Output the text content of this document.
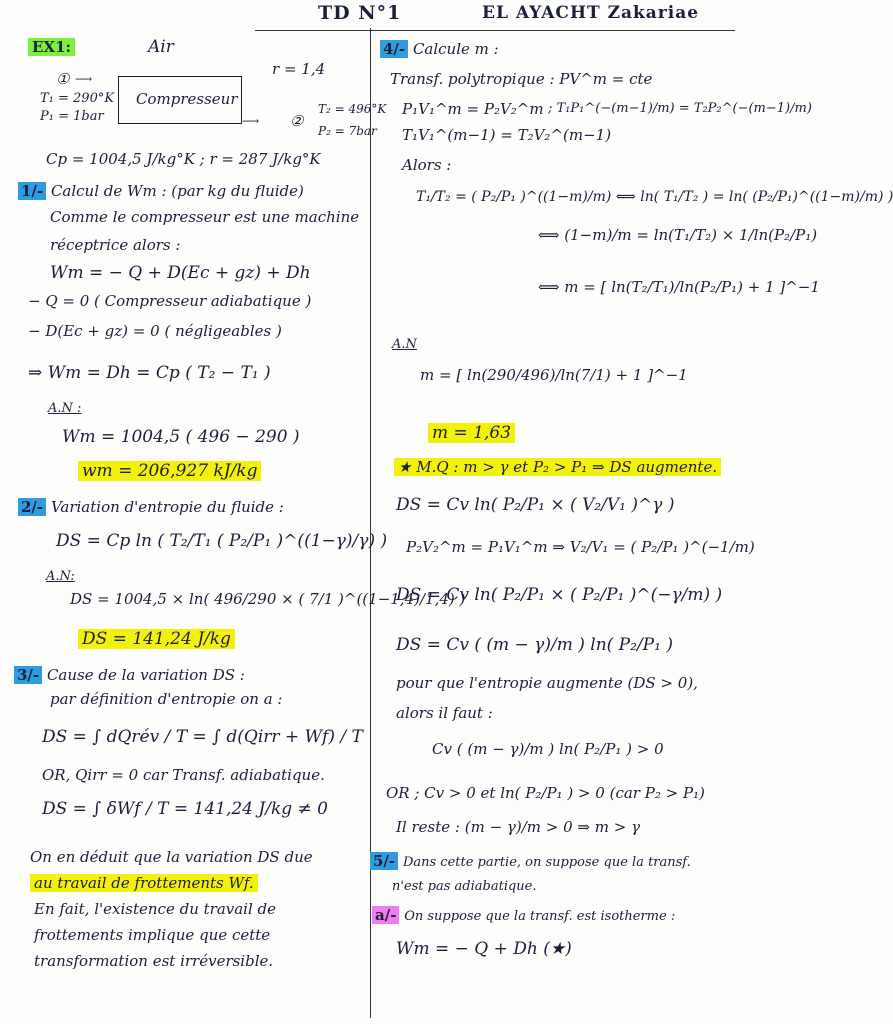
TD N°1	EL AYACHT Zakariae
EX1:	Air
r = 1,4
① ⟶
T₁ = 290°K
P₁ = 1bar
Compresseur
⟶ ②
T₂ = 496°K
P₂ = 7bar
Cp = 1004,5 J/kg°K ; r = 287 J/kg°K
1/- Calcul de Wm : (par kg du fluide)
Comme le compresseur est une machine
réceptrice alors :
Wm = − Q + D(Ec + gz) + Dh
− Q = 0 ( Compresseur adiabatique )
− D(Ec + gz) = 0 ( négligeables )
⇒ Wm = Dh = Cp ( T₂ − T₁ )
A.N :
Wm = 1004,5 ( 496 − 290 )
wm = 206,927 kJ/kg
2/- Variation d'entropie du fluide :
DS = Cp ln ( T₂/T₁ ( P₂/P₁ )^((1−γ)/γ) )
A.N:
DS = 1004,5 × ln( 496/290 × ( 7/1 )^((1−1,4)/1,4) )
DS = 141,24 J/kg
3/- Cause de la variation DS :
par définition d'entropie on a :
DS = ∫ dQrév / T = ∫ d(Qirr + Wf) / T
OR, Qirr = 0 car Transf. adiabatique.
DS = ∫ δWf / T = 141,24 J/kg ≠ 0
On en déduit que la variation DS due
au travail de frottements Wf.
En fait, l'existence du travail de
frottements implique que cette
transformation est irréversible.
4/- Calcule m :
Transf. polytropique : PV^m = cte
P₁V₁^m = P₂V₂^m ; T₁P₁^(−(m−1)/m) = T₂P₂^(−(m−1)/m)
T₁V₁^(m−1) = T₂V₂^(m−1)
Alors :
T₁/T₂ = ( P₂/P₁ )^((1−m)/m) ⟺ ln( T₁/T₂ ) = ln( (P₂/P₁)^((1−m)/m) )
⟺ (1−m)/m = ln(T₁/T₂) × 1/ln(P₂/P₁)
⟺ m = [ ln(T₂/T₁)/ln(P₂/P₁) + 1 ]^−1
A.N
m = [ ln(290/496)/ln(7/1) + 1 ]^−1
m = 1,63
★ M.Q : m > γ et P₂ > P₁ ⇒ DS augmente.
DS = Cv ln( P₂/P₁ × ( V₂/V₁ )^γ )
P₂V₂^m = P₁V₁^m ⇒ V₂/V₁ = ( P₂/P₁ )^(−1/m)
DS = Cv ln( P₂/P₁ × ( P₂/P₁ )^(−γ/m) )
DS = Cv ( (m − γ)/m ) ln( P₂/P₁ )
pour que l'entropie augmente (DS > 0),
alors il faut :
Cv ( (m − γ)/m ) ln( P₂/P₁ ) > 0
OR ; Cv > 0 et ln( P₂/P₁ ) > 0 (car P₂ > P₁)
Il reste : (m − γ)/m > 0 ⇒ m > γ
5/- Dans cette partie, on suppose que la transf.
n'est pas adiabatique.
a/- On suppose que la transf. est isotherme :
Wm = − Q + Dh (★)
